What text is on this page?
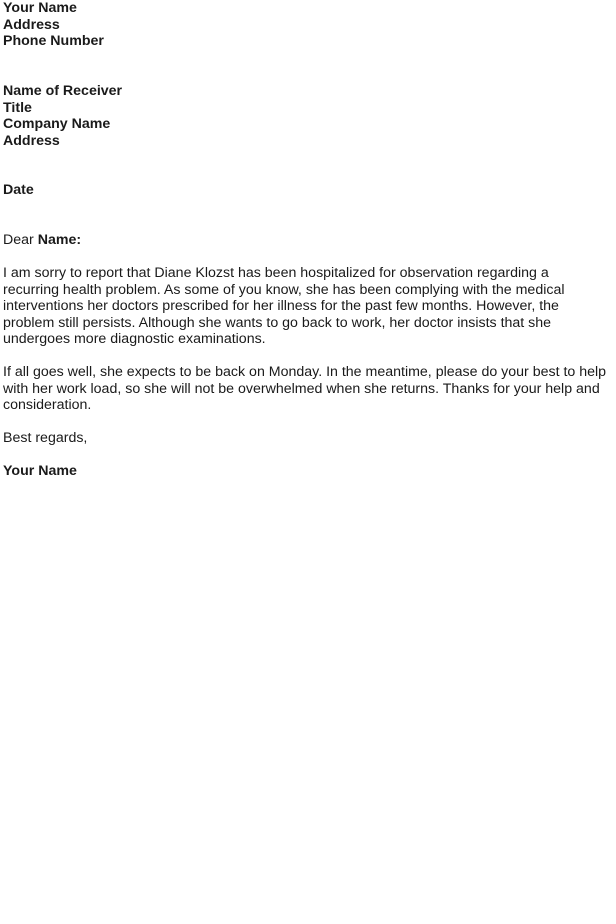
Your Name
Address
Phone Number
Name of Receiver
Title
Company Name
Address
Date
Dear Name:
I am sorry to report that Diane Klozst has been hospitalized for observation regarding a recurring health problem. As some of you know, she has been complying with the medical interventions her doctors prescribed for her illness for the past few months. However, the problem still persists. Although she wants to go back to work, her doctor insists that she undergoes more diagnostic examinations.
If all goes well, she expects to be back on Monday. In the meantime, please do your best to help with her work load, so she will not be overwhelmed when she returns. Thanks for your help and consideration.
Best regards,
Your Name
